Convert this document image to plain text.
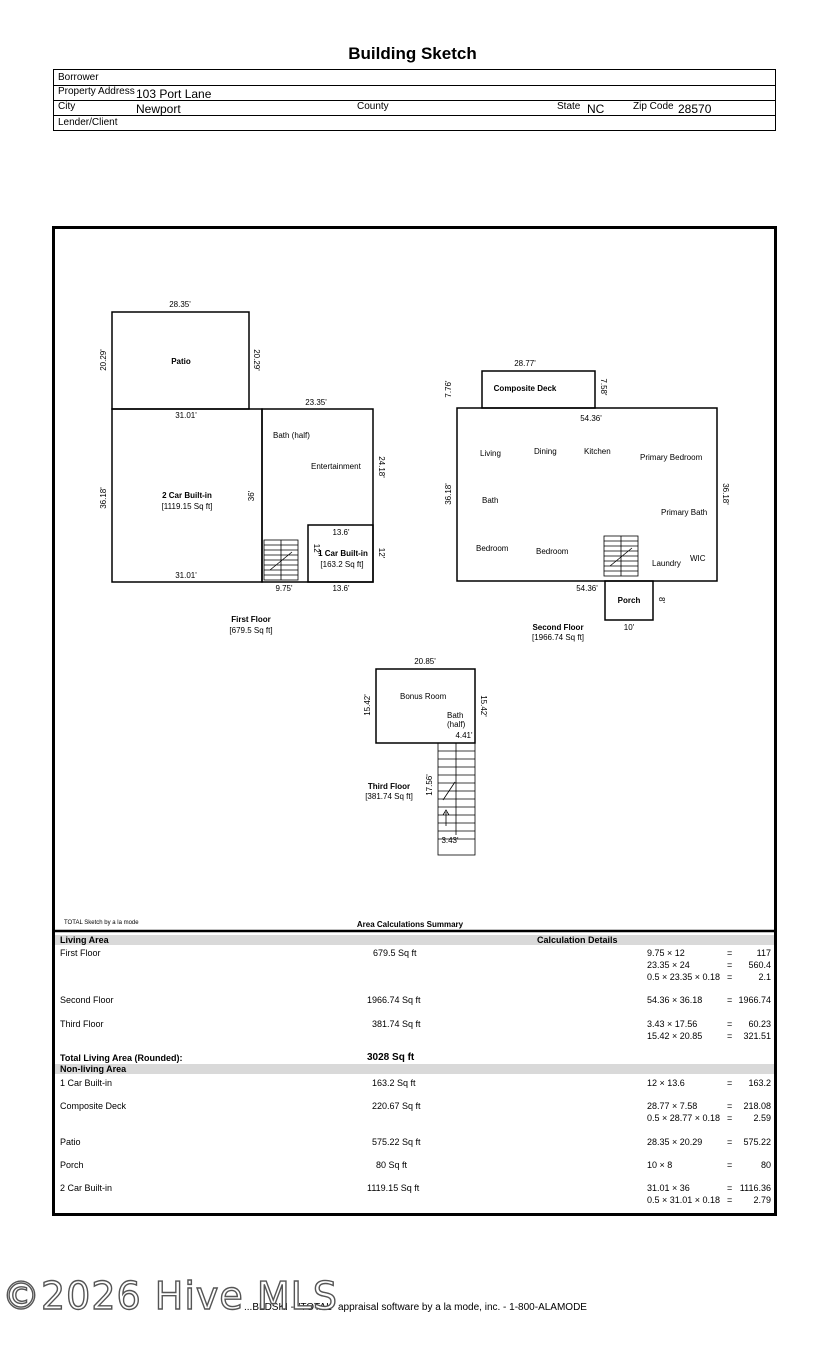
Building Sketch
Borrower
Property Address 103 Port Lane
City	Newport	County	State NC	Zip Code 28570
Lender/Client
28.35'
20.29'	20.29'
Patio
31.01'
23.35'
36.18'	2 Car Built-in
[1119.15 Sq ft]
36'
Bath (half)
Entertainment 24.18'
13.6'
12'	12'
1 Car Built-in
[163.2 Sq ft]
31.01'
9.75'	13.6'
First Floor
[679.5 Sq ft]
28.77'
7.76'	7.58'
Composite Deck
54.36'
36.18'	36.18'
Living	Dining	Kitchen
Primary Bedroom
Bath
Primary Bath
Bedroom	Bedroom
Laundry
WIC
54.36'
Porch 8'
10'
Second Floor
[1966.74 Sq ft]
20.85'
15.42'	15.42'
Bonus Room
Bath
(half)
4.41'
17.56'
Third Floor
[381.74 Sq ft]
3.43'
TOTAL Sketch by a la mode	Area Calculations Summary
Living Area	Calculation Details
First Floor	679.5 Sq ft	9.75 × 12	=	117
23.35 × 24	= 560.4
0.5 × 23.35 × 0.18 =	2.1
Second Floor	1966.74 Sq ft	54.36 × 36.18	= 1966.74
Third Floor	381.74 Sq ft	3.43 × 17.56	= 60.23
15.42 × 20.85	= 321.51
Total Living Area (Rounded):	3028 Sq ft
Non-living Area
1 Car Built-in	163.2 Sq ft	12 × 13.6	= 163.2
Composite Deck	220.67 Sq ft	28.77 × 7.58	= 218.08
0.5 × 28.77 × 0.18 = 2.59
Patio	575.22 Sq ft	28.35 × 20.29	= 575.22
Porch	80 Sq ft	10 × 8	=	80
2 Car Built-in	1119.15 Sq ft	31.01 × 36	= 1116.36
0.5 × 31.01 × 0.18 = 2.79
...BLDSKI - "TOTAL" appraisal software by a la mode, inc. - 1-800-ALAMODE
©2026 Hive MLS
